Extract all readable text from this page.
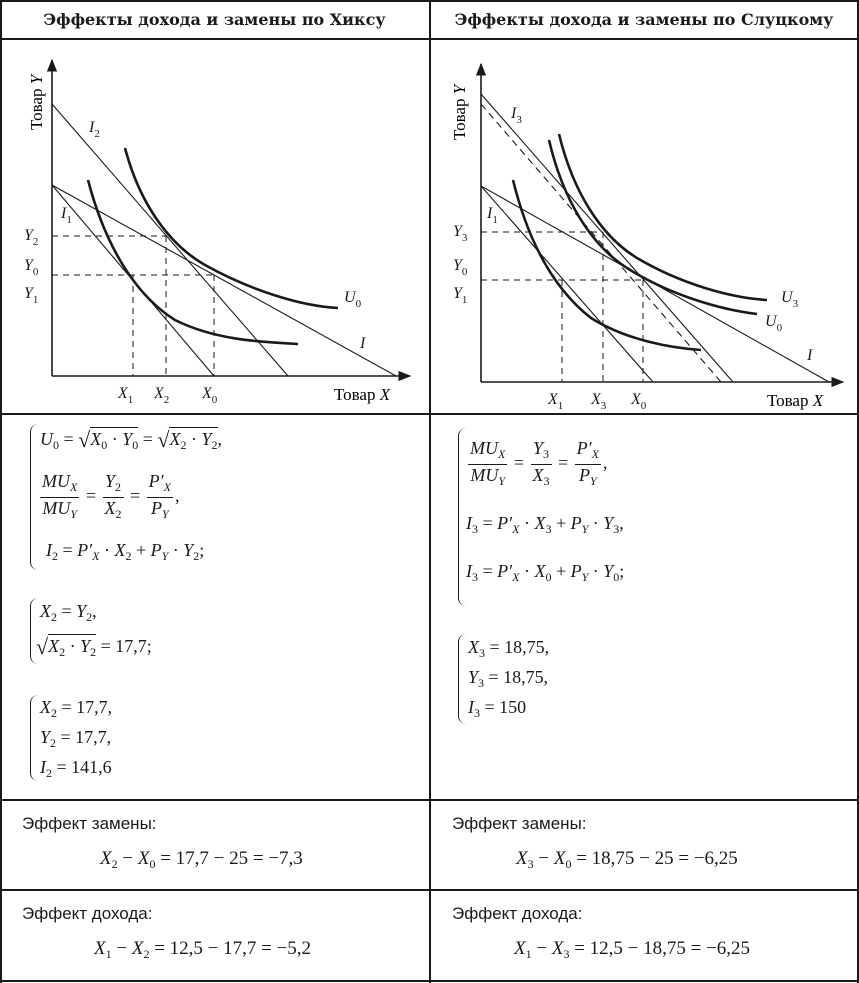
Эффекты дохода и замены по Хиксу	Эффекты дохода и замены по Слуцкому
Товар Y
Товар X
$Y_2$
$Y_0$
$Y_1$
$X_1$ $X_2$ $X_0$
$I_2$
$I_1$
$U_0$
I
Товар Y
Товар X
$Y_3$
$Y_0$
$Y_1$
$X_1$ $X_3$ $X_0$
$I_3$
$I_1$
$U_3$
$U_0$
I
$U_0 = √X_0 \cdot Y_0 = √X_2 \cdot Y_2$,
$\frac{MU_X}{MU_Y} = \frac{Y_2}{X_2} = \frac{P'_X}{P_Y}$ ,
$I_2 = P'_X \cdot X_2 + P_Y \cdot Y_2$;
$X_2 = Y_2$,
$√X_2 \cdot Y_2 = 17,7$;
$X_2 = 17,7$,
$Y_2 = 17,7$,
$I_2 = 141,6$
$\frac{MU_X}{MU_Y} = \frac{Y_3}{X_3} = \frac{P'_X}{P_Y}$ ,
$I_3 = P'_X \cdot X_3 + P_Y \cdot Y_3$,
$I_3 = P'_X \cdot X_0 + P_Y \cdot Y_0$;
$X_3 = 18,75$,
$Y_3 = 18,75$,
$I_3 = 150$
Эффект замены:
$X_2 - X_0 = 17,7 - 25 = -7,3$
Эффект замены:
$X_3 - X_0 = 18,75 - 25 = -6,25$
Эффект дохода:
$X_1 - X_2 = 12,5 - 17,7 = -5,2$
Эффект дохода:
$X_1 - X_3 = 12,5 - 18,75 = -6,25$
